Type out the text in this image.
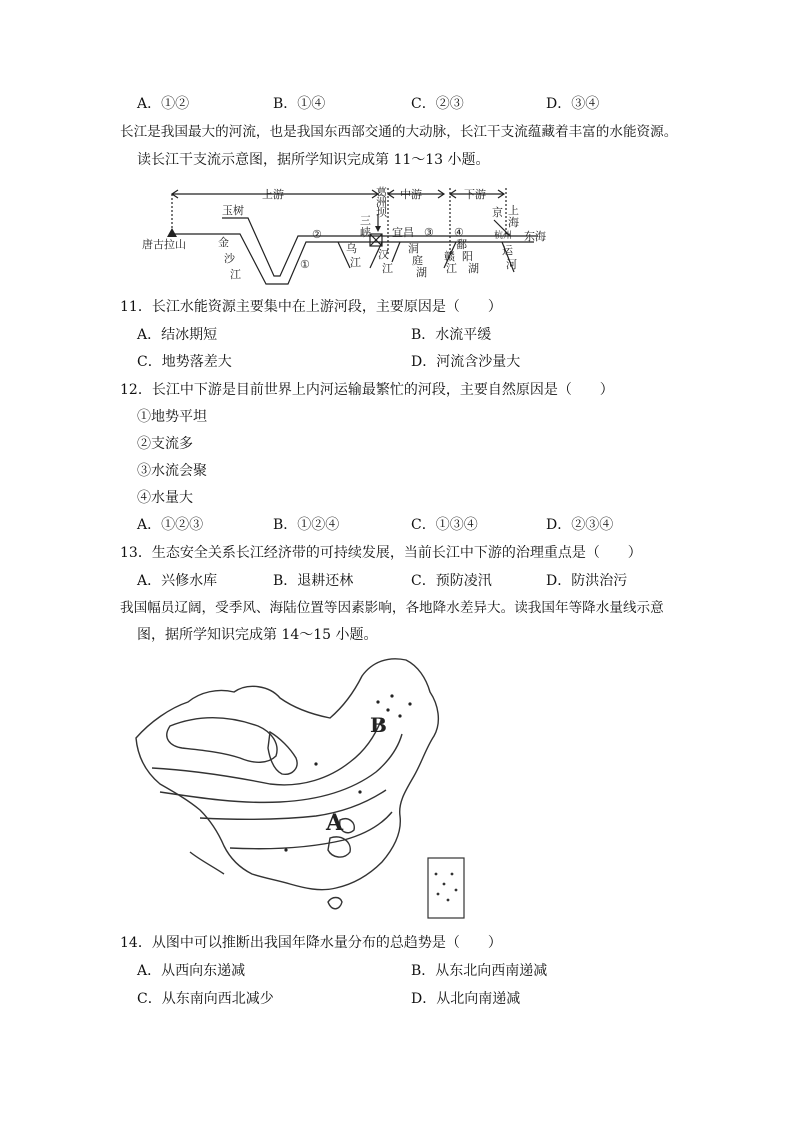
A．①②	B．①④	C．②③	D．③④
长江是我国最大的河流，也是我国东西部交通的大动脉，长江干支流蕴藏着丰富的水能资源。
读长江干支流示意图，据所学知识完成第 11～13 小题。
上游	中游	下游
唐古拉山
玉树
金
沙
江
①
②	③ ④
乌
江
葛
洲
坝
三
峡 宜昌
汉
江
洞
庭
湖
赣
江
鄱
阳
湖
京 上
海
杭州
运
河
东海
11．长江水能资源主要集中在上游河段，主要原因是（　　）
A．结冰期短	B．水流平缓
C．地势落差大	D．河流含沙量大
12．长江中下游是目前世界上内河运输最繁忙的河段，主要自然原因是（　　）
①地势平坦
②支流多
③水流会聚
④水量大
A．①②③	B．①②④	C．①③④	D．②③④
13．生态安全关系长江经济带的可持续发展，当前长江中下游的治理重点是（　　）
A．兴修水库	B．退耕还林	C．预防凌汛	D．防洪治污
我国幅员辽阔，受季风、海陆位置等因素影响，各地降水差异大。读我国年等降水量线示意
图，据所学知识完成第 14～15 小题。
A
B
14．从图中可以推断出我国年降水量分布的总趋势是（　　）
A．从西向东递减	B．从东北向西南递减
C．从东南向西北减少	D．从北向南递减
